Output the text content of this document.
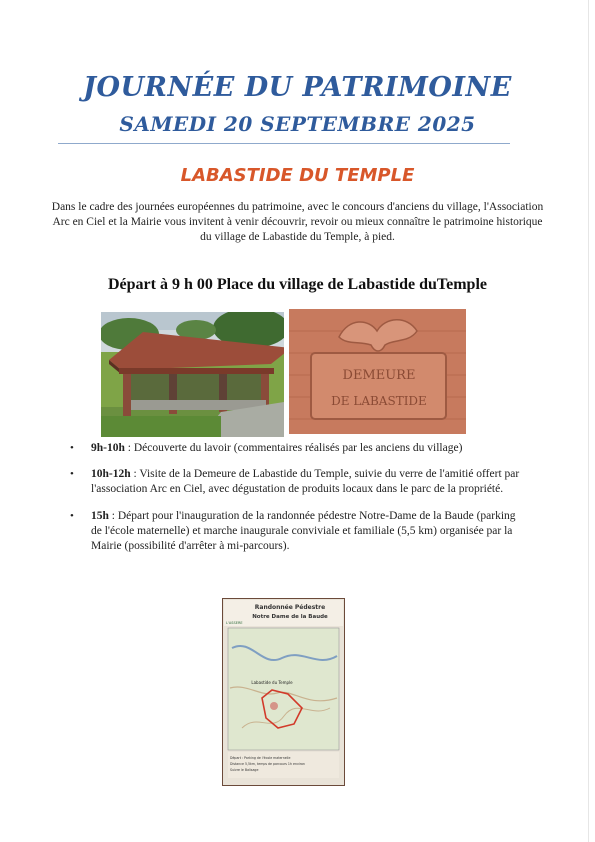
JOURNÉE DU PATRIMOINE
SAMEDI 20 SEPTEMBRE 2025
LABASTIDE DU TEMPLE
Dans le cadre des journées européennes du patrimoine, avec le concours d'anciens du village, l'Association Arc en Ciel et la Mairie vous invitent à venir découvrir, revoir ou mieux connaître le patrimoine historique du village de Labastide du Temple, à pied.
Départ à 9 h 00 Place du village de Labastide duTemple
DEMEURE
DE LABASTIDE
• 9h-10h : Découverte du lavoir (commentaires réalisés par les anciens du village)
• 10h-12h : Visite de la Demeure de Labastide du Temple, suivie du verre de l'amitié offert par l'association Arc en Ciel, avec dégustation de produits locaux dans le parc de la propriété.
• 15h : Départ pour l'inauguration de la randonnée pédestre Notre-Dame de la Baude (parking de l'école maternelle) et marche inaugurale conviviale et familiale (5,5 km) organisée par la Mairie (possibilité d'arrêter à mi-parcours).
Randonnée Pédestre
Notre Dame de la Baude
L'ASSERE
Labastide du Temple
Départ : Parking de l'école maternelle
Distance 5,5km, temps de parcours 1h environ
Suivre le Balisage
